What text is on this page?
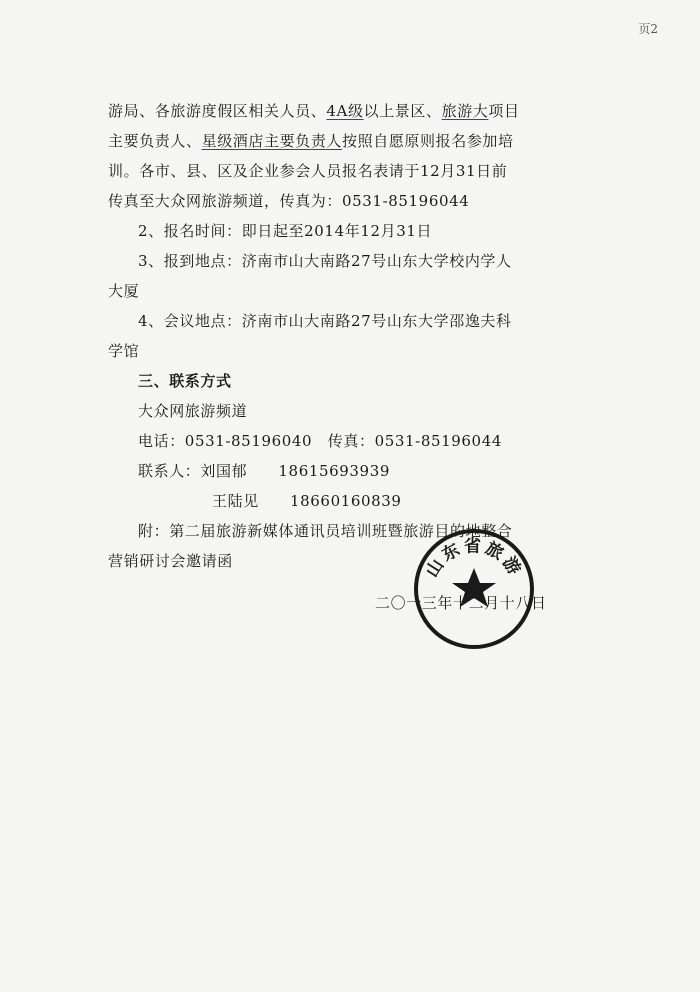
页2
游局、各旅游度假区相关人员、4A级以上景区、旅游大项目
主要负责人、星级酒店主要负责人按照自愿原则报名参加培
训。各市、县、区及企业参会人员报名表请于12月31日前
传真至大众网旅游频道，传真为：0531-85196044
2、报名时间：即日起至2014年12月31日
3、报到地点：济南市山大南路27号山东大学校内学人
大厦
4、会议地点：济南市山大南路27号山东大学邵逸夫科
学馆
三、联系方式
大众网旅游频道
电话：0531-85196040　传真：0531-85196044
联系人：刘国郁　　18615693939
王陆见　　18660160839
附：第二届旅游新媒体通讯员培训班暨旅游目的地整合
营销研讨会邀请函
二〇一三年十二月十八日
山东省旅游
